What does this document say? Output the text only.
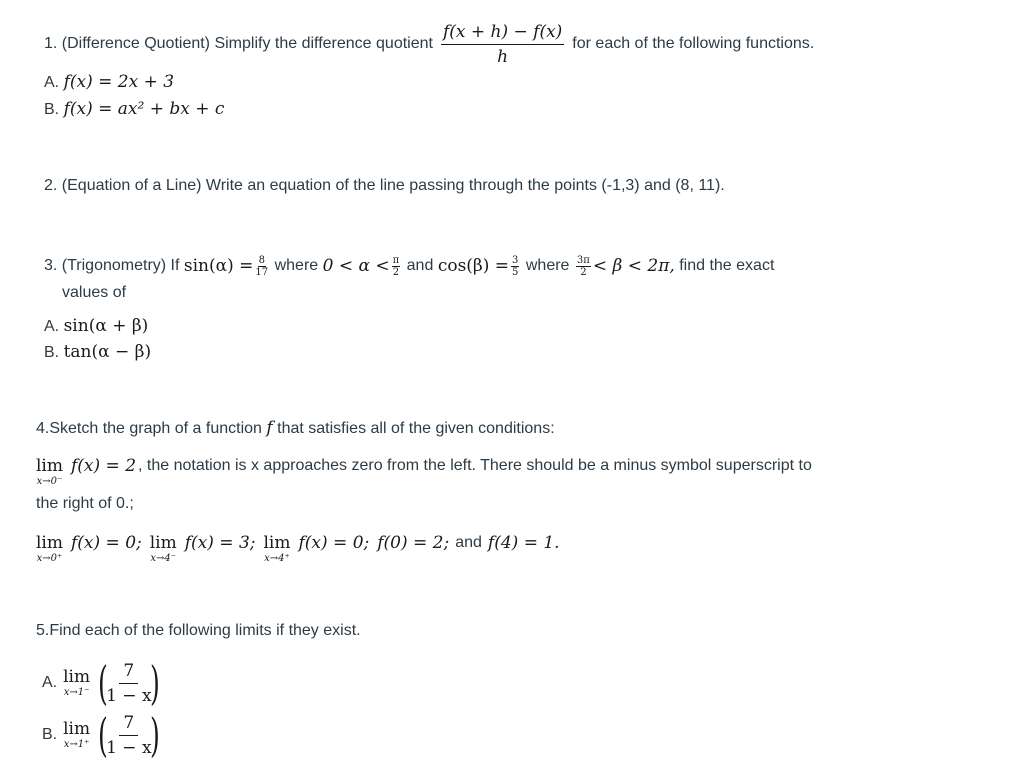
1. (Difference Quotient) Simplify the difference quotient $\frac{f(x + h) - f(x)}{h}$ for each of the following functions.
A. f(x) = 2x + 3
B. f(x) = ax² + bx + c
2. (Equation of a Line) Write an equation of the line passing through the points (-1,3) and (8, 11).
3. (Trigonometry) If
$\sin(\alpha) = \frac{8}{17}$
where
$0 < \alpha < \frac{\pi}{2}$
and
$\cos(\beta) = \frac{3}{5}$
where
$\frac{3\pi}{2} < \beta < 2\pi$,
find the exact
values of
A. sin(α + β)
B. tan(α − β)
4.Sketch the graph of a function f that satisfies all of the given conditions:
lim
x→0⁻
f(x) = 2 , the notation is x approaches zero from the left. There should be a minus symbol superscript to
the right of 0.;
lim
x→0⁺
f(x) = 0; lim
x→4⁻
f(x) = 3; lim
x→4⁺
f(x) = 0; f(0) = 2; and f(4) = 1.
5.Find each of the following limits if they exist.
A. lim
x→1⁻ (
$\frac{7}{1 - x}$
)
B. lim
x→1⁺ (
$\frac{7}{1 - x}$
)
